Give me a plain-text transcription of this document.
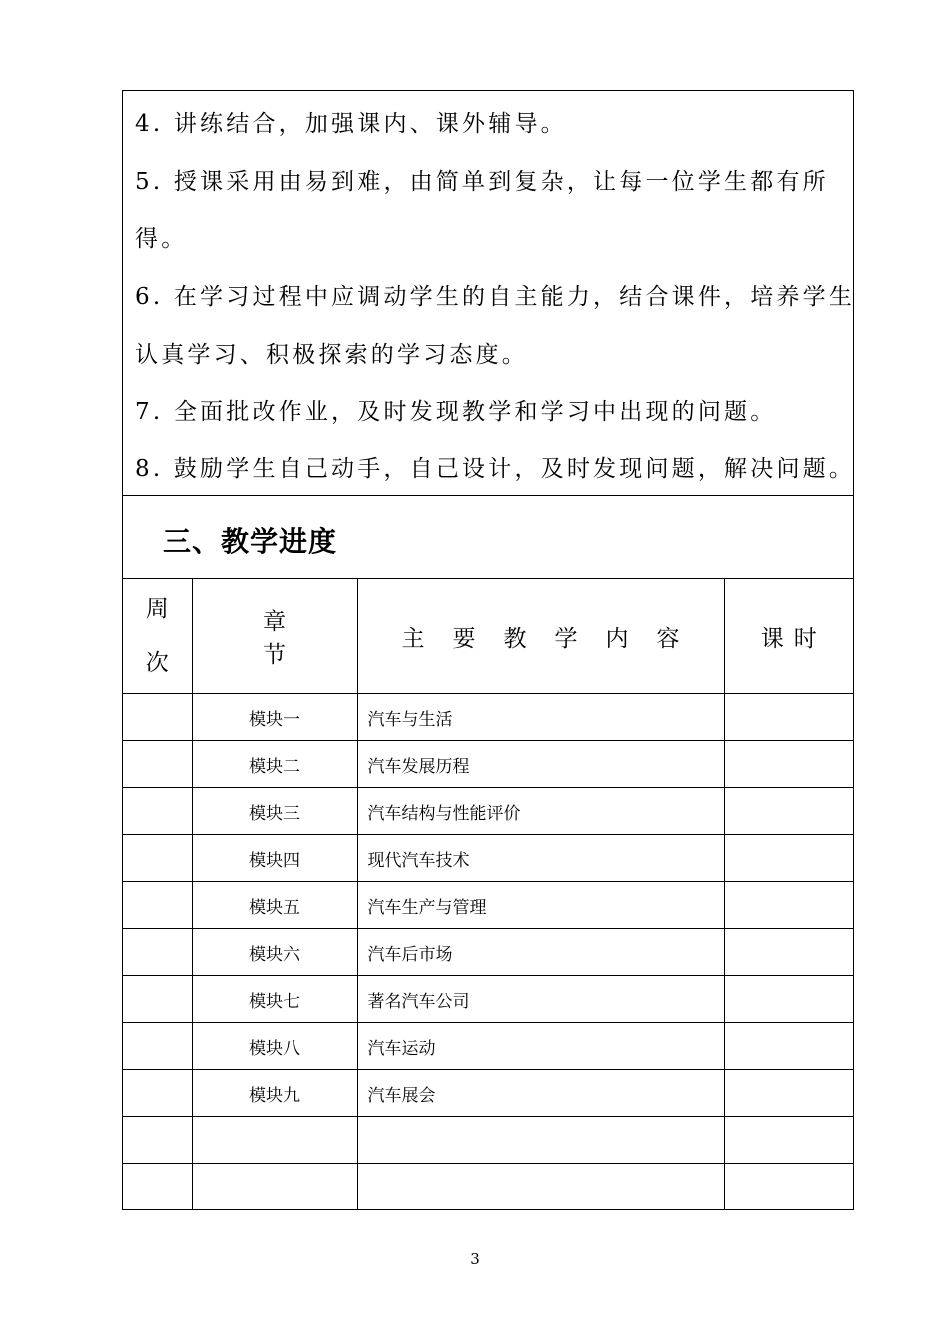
4. 讲练结合，加强课内、课外辅导。
5. 授课采用由易到难，由简单到复杂，让每一位学生都有所
得。
6. 在学习过程中应调动学生的自主能力，结合课件，培养学生
认真学习、积极探索的学习态度。
7. 全面批改作业，及时发现教学和学习中出现的问题。
8. 鼓励学生自己动手，自己设计，及时发现问题，解决问题。
三、教学进度
周
次	章节	主要教学内容	课时
	模块一	汽车与生活	
	模块二	汽车发展历程	
	模块三	汽车结构与性能评价	
	模块四	现代汽车技术	
	模块五	汽车生产与管理	
	模块六	汽车后市场	
	模块七	著名汽车公司	
	模块八	汽车运动	
	模块九	汽车展会	

3
